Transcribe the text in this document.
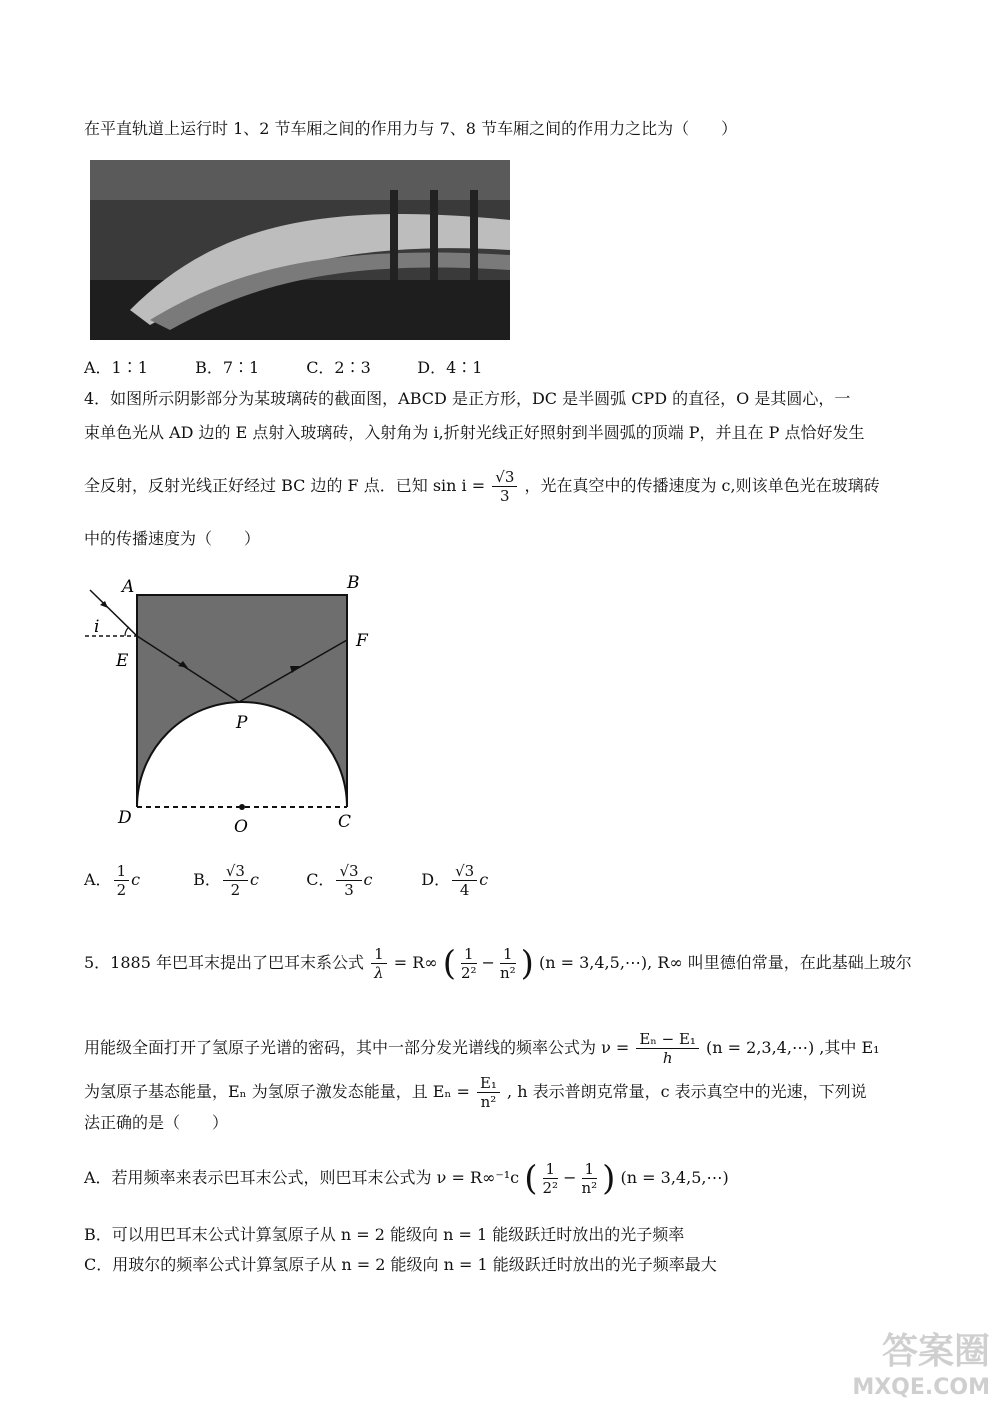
在平直轨道上运行时 1、2 节车厢之间的作用力与 7、8 节车厢之间的作用力之比为（　　）
A．1∶1	B．7∶1	C．2∶3	D．4∶1
4．如图所示阴影部分为某玻璃砖的截面图，ABCD 是正方形，DC 是半圆弧 CPD 的直径，O 是其圆心，一
束单色光从 AD 边的 E 点射入玻璃砖，入射角为 i,折射光线正好照射到半圆弧的顶端 P，并且在 P 点恰好发生
全反射，反射光线正好经过 BC 边的 F 点．已知 $\sin i = \frac{√3}{3}$ ，光在真空中的传播速度为 c,则该单色光在玻璃砖
中的传播速度为（　　）
A	B
i
E
F
P
D	O	C
A． $\frac{1}{2}$ c	B． $\frac{√3}{2}$ c	C． $\frac{√3}{3}$ c	D． $\frac{√3}{4}$ c
5．1885 年巴耳末提出了巴耳末系公式 $\frac{1}{\lambda} = R\infty$ ( $\frac{1}{\text{2²}} - \frac{1}{\text{n²}}$ ) (n = 3,4,5,⋯), R∞ 叫里德伯常量，在此基础上玻尔
用能级全面打开了氢原子光谱的密码，其中一部分发光谱线的频率公式为 $\nu = \frac{\text{Eₙ − E₁}}{h} (n$ = 2,3,4,⋯) ,其中 E₁
为氢原子基态能量，Eₙ 为氢原子激发态能量，且 $E_n = \frac{\text{E₁}}{\text{n²}}$ , h 表示普朗克常量，c 表示真空中的光速，下列说
法正确的是（　　）
A．若用频率来表示巴耳末公式，则巴耳末公式为 ν = R∞⁻¹c ( $\frac{1}{\text{2²}} - \frac{1}{\text{n²}}$ ) (n = 3,4,5,⋯)
B．可以用巴耳末公式计算氢原子从 n = 2 能级向 n = 1 能级跃迁时放出的光子频率
C．用玻尔的频率公式计算氢原子从 n = 2 能级向 n = 1 能级跃迁时放出的光子频率最大
答案圈
MXQE.COM
